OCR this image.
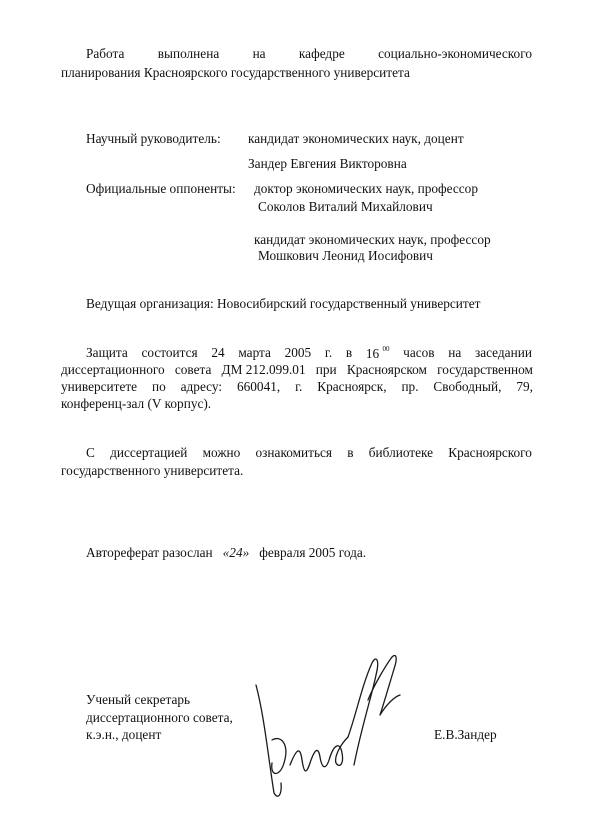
Работа	выполнена	на	кафедре	социально-экономического
планирования Красноярского государственного университета
Научный руководитель: кандидат экономических наук, доцент
Зандер Евгения Викторовна
Официальные оппоненты: доктор экономических наук, профессор
Соколов Виталий Михайлович
кандидат экономических наук, профессор
Мошкович Леонид Иосифович
Ведущая организация: Новосибирский государственный университет
Защита состоится 24 марта 2005 г. в 16 $^{00}$ часов на заседании
диссертационного совета ДМ 212.099.01 при Красноярском государственном
университете по адресу: 660041, г. Красноярск, пр. Свободный, 79,
конференц-зал (V корпус).
С диссертацией можно ознакомиться в библиотеке Красноярского
государственного университета.
Автореферат разослан «24» февраля 2005 года.
Ученый секретарь
диссертационного совета,
к.э.н., доцент	Е.В.Зандер
